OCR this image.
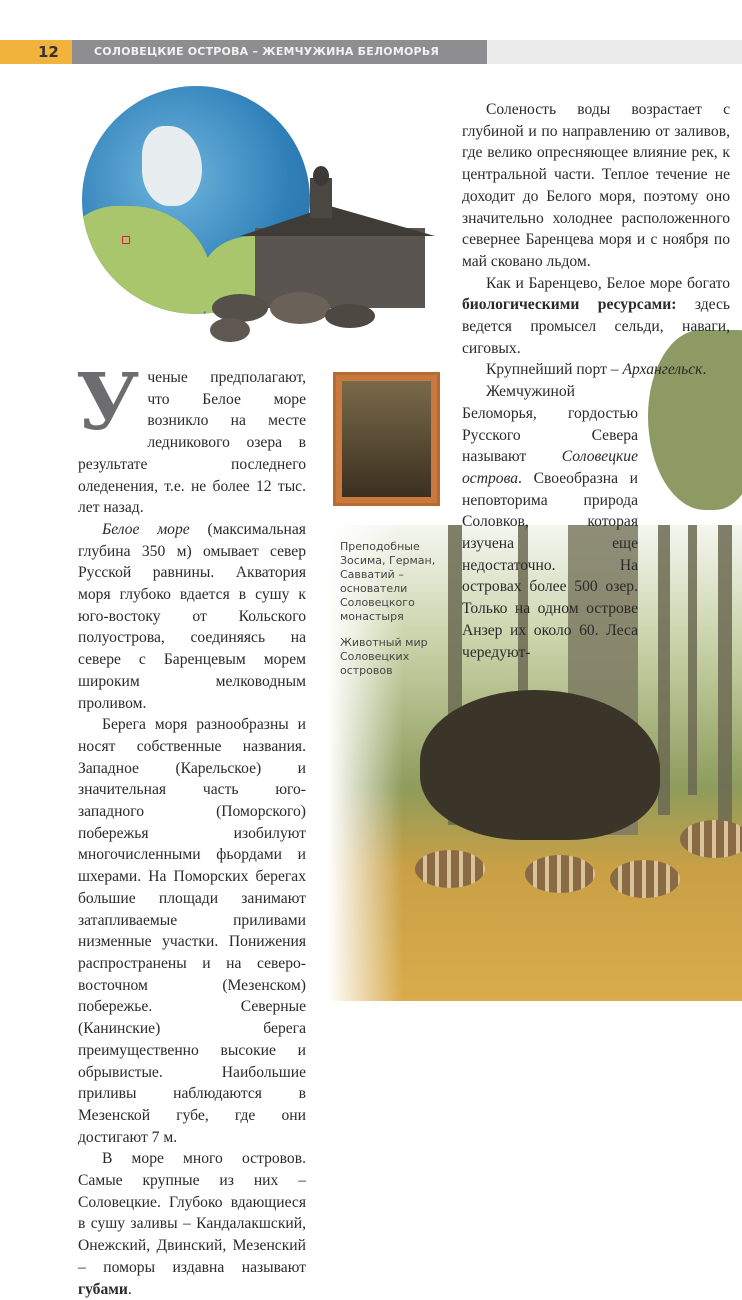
12	СОЛОВЕЦКИЕ ОСТРОВА – ЖЕМЧУЖИНА БЕЛОМОРЬЯ

Ученые предполагают, что Белое море возникло на месте ледникового озера в результате последнего оледенения, т.е. не более 12 тыс. лет назад.

Белое море (максимальная глубина 350 м) омывает север Русской равнины. Акватория моря глубоко вдается в сушу к юго-востоку от Кольского полуострова, соединяясь на севере с Баренцевым морем широким мелководным проливом.

Берега моря разнообразны и носят собственные названия. Западное (Карельское) и значительная часть юго-западного (Поморского) побережья изобилуют многочисленными фьордами и шхерами. На Поморских берегах большие площади занимают затапливаемые приливами низменные участки. Понижения распространены и на северо-восточном (Мезенском) побережье. Северные (Канинские) берега преимущественно высокие и обрывистые. Наибольшие приливы наблюдаются в Мезенской губе, где они достигают 7 м.

В море много островов. Самые крупные из них – Соловецкие. Глубоко вдающиеся в сушу заливы – Кандалакшский, Онежский, Двинский, Мезенский – поморы издавна называют губами.

Соленость воды возрастает с глубиной и по направлению от заливов, где велико опресняющее влияние рек, к центральной части. Теплое течение не доходит до Белого моря, поэтому оно значительно холоднее расположенного севернее Баренцева моря и с ноября по май сковано льдом.

Как и Баренцево, Белое море богато биологическими ресурсами: здесь ведется промысел сельди, наваги, сиговых.

Крупнейший порт – Архангельск.

Жемчужиной Беломорья, гордостью Русского Севера называют Соловецкие острова. Своеобразна и неповторима природа Соловков, которая изучена еще недостаточно. На островах более 500 озер. Только на одном острове Анзер их около 60. Леса чередуют-

Преподобные Зосима, Герман, Савватий – основатели Соловецкого монастыря
Животный мир Соловецких островов
